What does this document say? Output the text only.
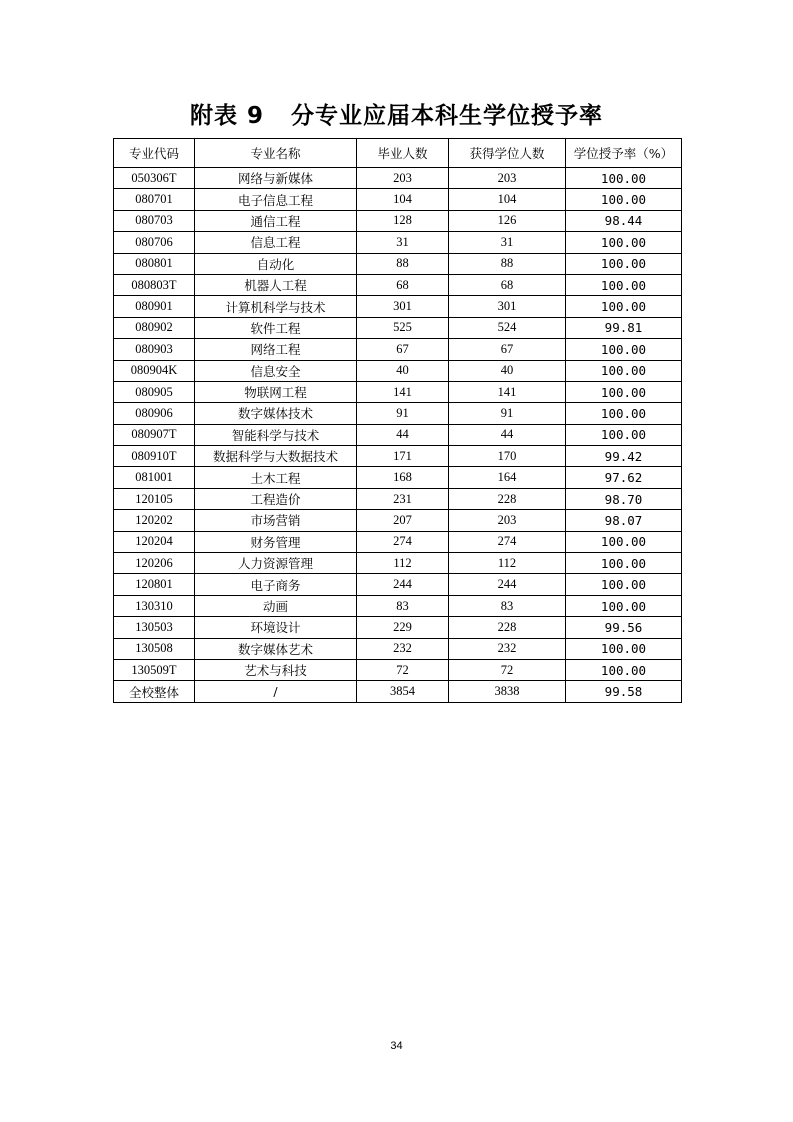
附表 9   分专业应届本科生学位授予率
专业代码	专业名称	毕业人数	获得学位人数	学位授予率（%）
050306T	网络与新媒体	203	203	100.00
080701	电子信息工程	104	104	100.00
080703	通信工程	128	126	98.44
080706	信息工程	31	31	100.00
080801	自动化	88	88	100.00
080803T	机器人工程	68	68	100.00
080901	计算机科学与技术	301	301	100.00
080902	软件工程	525	524	99.81
080903	网络工程	67	67	100.00
080904K	信息安全	40	40	100.00
080905	物联网工程	141	141	100.00
080906	数字媒体技术	91	91	100.00
080907T	智能科学与技术	44	44	100.00
080910T	数据科学与大数据技术	171	170	99.42
081001	土木工程	168	164	97.62
120105	工程造价	231	228	98.70
120202	市场营销	207	203	98.07
120204	财务管理	274	274	100.00
120206	人力资源管理	112	112	100.00
120801	电子商务	244	244	100.00
130310	动画	83	83	100.00
130503	环境设计	229	228	99.56
130508	数字媒体艺术	232	232	100.00
130509T	艺术与科技	72	72	100.00
全校整体	/	3854	3838	99.58
34
